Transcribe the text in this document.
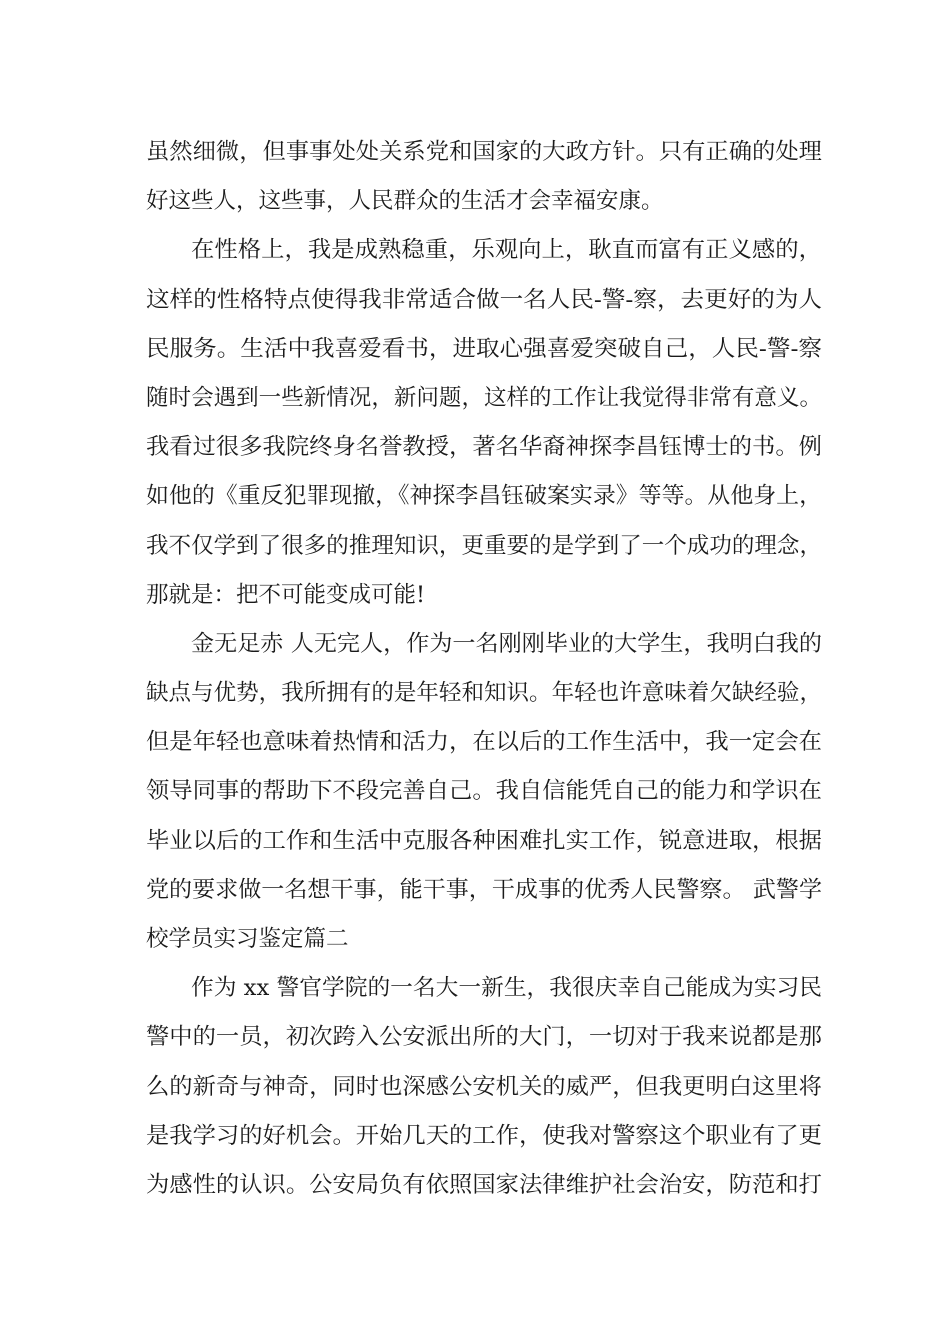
虽然细微，但事事处处关系党和国家的大政方针。只有正确的处理
好这些人，这些事，人民群众的生活才会幸福安康。
在性格上，我是成熟稳重，乐观向上，耿直而富有正义感的，
这样的性格特点使得我非常适合做一名人民-警-察，去更好的为人
民服务。生活中我喜爱看书，进取心强喜爱突破自己，人民-警-察
随时会遇到一些新情况，新问题，这样的工作让我觉得非常有意义。
我看过很多我院终身名誉教授，著名华裔神探李昌钰博士的书。例
如他的《重反犯罪现撤，《神探李昌钰破案实录》等等。从他身上，
我不仅学到了很多的推理知识，更重要的是学到了一个成功的理念，
那就是：把不可能变成可能!
金无足赤 人无完人，作为一名刚刚毕业的大学生，我明白我的
缺点与优势，我所拥有的是年轻和知识。年轻也许意味着欠缺经验，
但是年轻也意味着热情和活力，在以后的工作生活中，我一定会在
领导同事的帮助下不段完善自己。我自信能凭自己的能力和学识在
毕业以后的工作和生活中克服各种困难扎实工作，锐意进取，根据
党的要求做一名想干事，能干事，干成事的优秀人民警察。 武警学
校学员实习鉴定篇二
作为 xx 警官学院的一名大一新生，我很庆幸自己能成为实习民
警中的一员，初次跨入公安派出所的大门，一切对于我来说都是那
么的新奇与神奇，同时也深感公安机关的威严，但我更明白这里将
是我学习的好机会。开始几天的工作，使我对警察这个职业有了更
为感性的认识。公安局负有依照国家法律维护社会治安，防范和打
